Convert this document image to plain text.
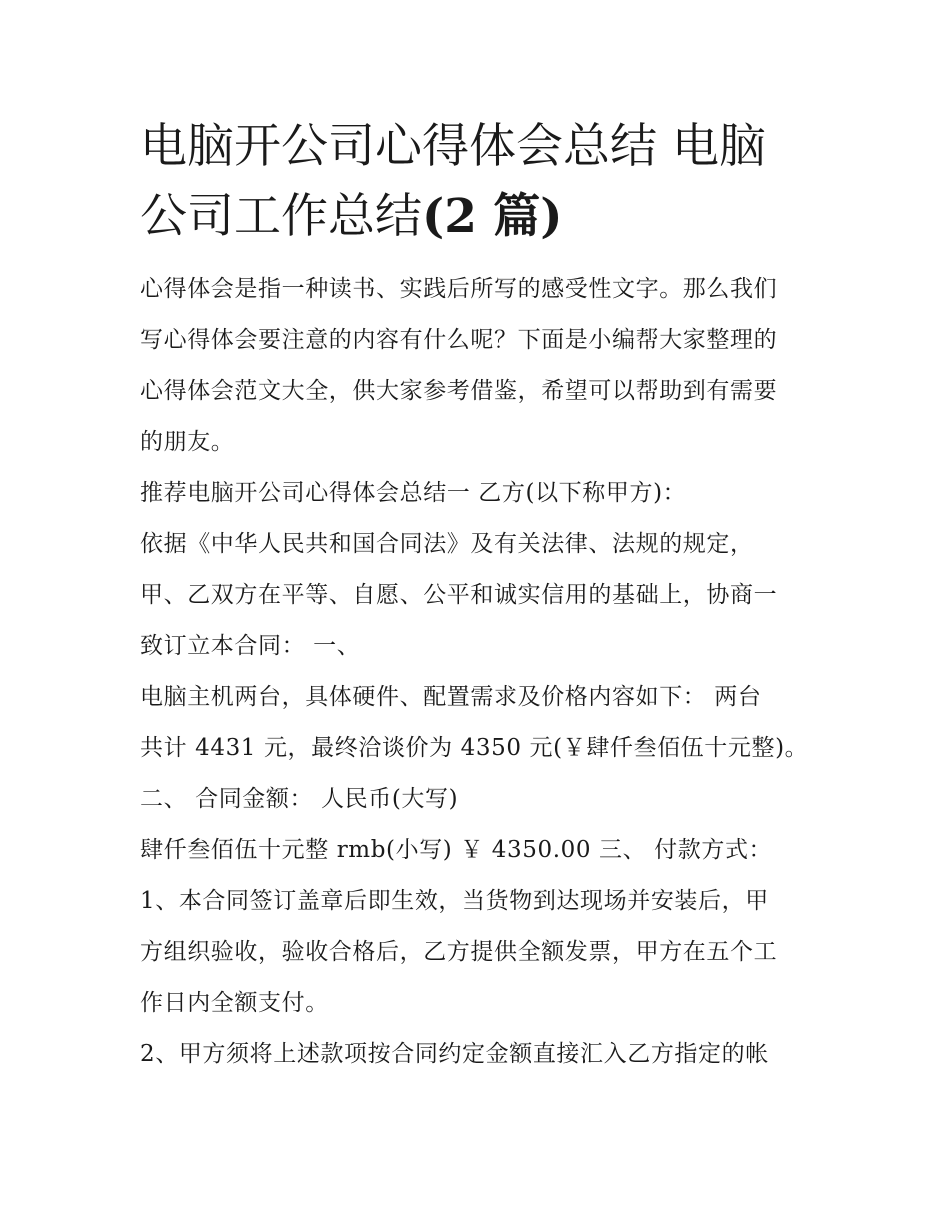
电脑开公司心得体会总结 电脑公司工作总结(2 篇)
心得体会是指一种读书、实践后所写的感受性文字。那么我们
写心得体会要注意的内容有什么呢？下面是小编帮大家整理的
心得体会范文大全，供大家参考借鉴，希望可以帮助到有需要
的朋友。
推荐电脑开公司心得体会总结一 乙方(以下称甲方)：
依据《中华人民共和国合同法》及有关法律、法规的规定，
甲、乙双方在平等、自愿、公平和诚实信用的基础上，协商一
致订立本合同： 一、
电脑主机两台，具体硬件、配置需求及价格内容如下： 两台
共计 4431 元，最终洽谈价为 4350 元(￥肆仟叁佰伍十元整)。
二、 合同金额： 人民币(大写)
肆仟叁佰伍十元整 rmb(小写) ￥ 4350.00 三、 付款方式：
1、本合同签订盖章后即生效，当货物到达现场并安装后，甲
方组织验收，验收合格后，乙方提供全额发票，甲方在五个工
作日内全额支付。
2、甲方须将上述款项按合同约定金额直接汇入乙方指定的帐
